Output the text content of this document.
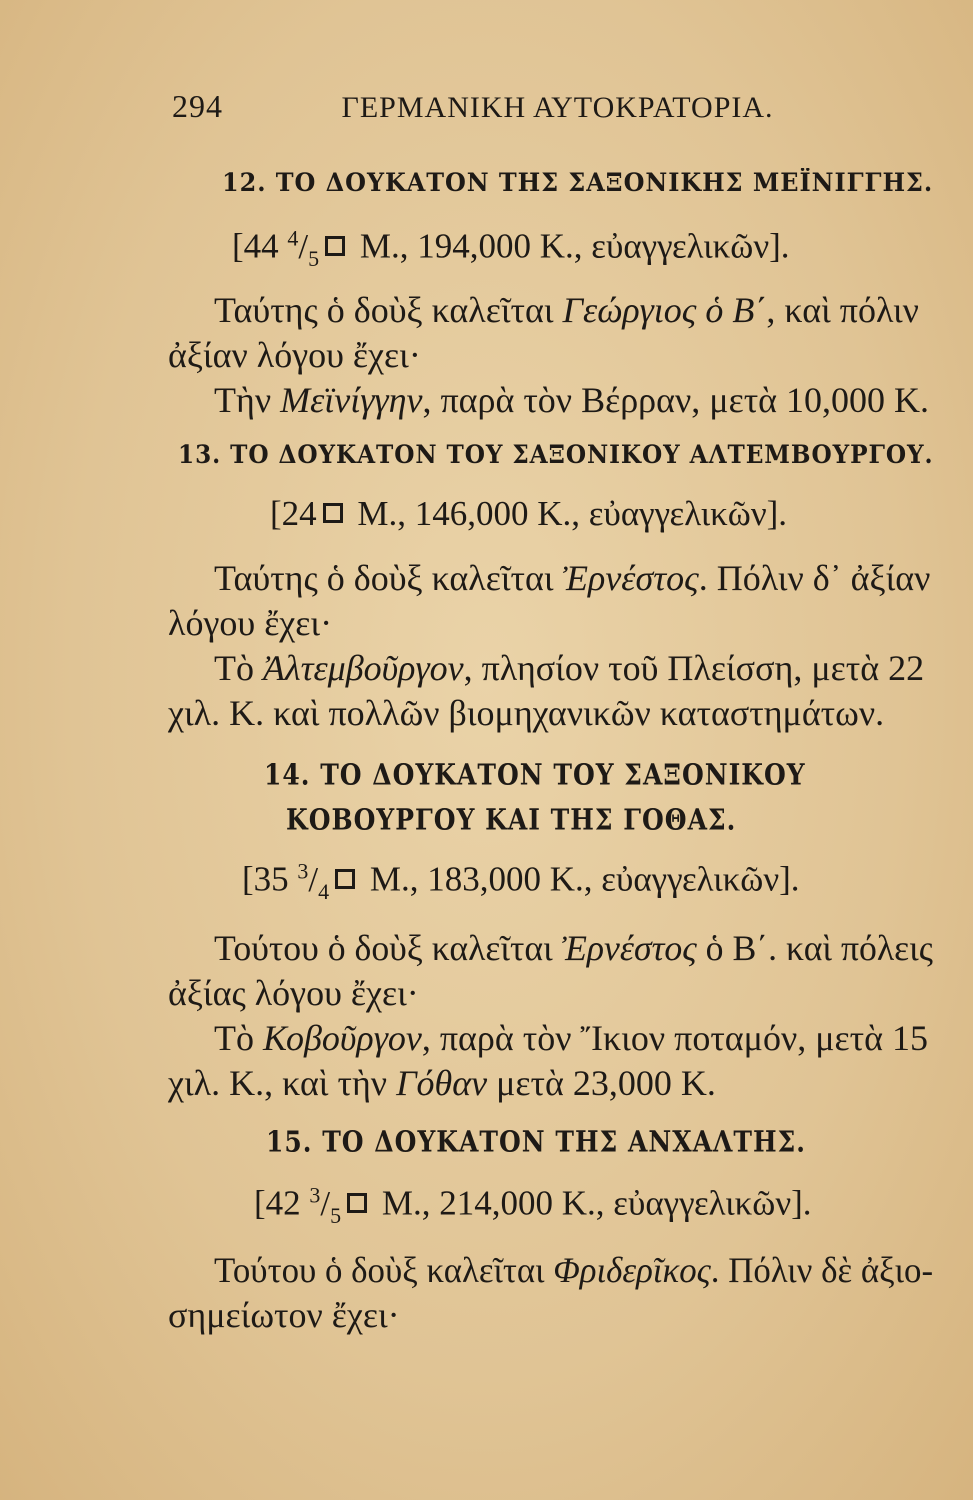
294	ΓΕΡΜΑΝΙΚΗ ΑΥΤΟΚΡΑΤΟΡΙΑ.
12. ΤΟ ΔΟΥΚΑΤΟΝ ΤΗΣ ΣΑΞΟΝΙΚΗΣ ΜΕΪΝΙΓΓΗΣ.
[44 $^4/_5$ Μ., 194,000 Κ., εὐαγγελικῶν].
Ταύτης ὁ δοὺξ καλεῖται Γεώργιος ὁ Β΄, καὶ πόλιν
ἀξίαν λόγου ἔχει·
Τὴν Μεϊνίγγην, παρὰ τὸν Βέρραν, μετὰ 10,000 Κ.
13. ΤΟ ΔΟΥΚΑΤΟΝ ΤΟΥ ΣΑΞΟΝΙΚΟΥ ΑΛΤΕΜΒΟΥΡΓΟΥ.
[24 Μ., 146,000 Κ., εὐαγγελικῶν].
Ταύτης ὁ δοὺξ καλεῖται Ἐρνέστος. Πόλιν δ᾽ ἀξίαν
λόγου ἔχει·
Τὸ Ἀλτεμβοῦργον, πλησίον τοῦ Πλείσση, μετὰ 22
χιλ. Κ. καὶ πολλῶν βιομηχανικῶν καταστημάτων.
14. ΤΟ ΔΟΥΚΑΤΟΝ ΤΟΥ ΣΑΞΟΝΙΚΟΥ
ΚΟΒΟΥΡΓΟΥ ΚΑΙ ΤΗΣ ΓΟΘΑΣ.
[35 $^3/_4$ Μ., 183,000 Κ., εὐαγγελικῶν].
Τούτου ὁ δοὺξ καλεῖται Ἐρνέστος ὁ Β΄. καὶ πόλεις
ἀξίας λόγου ἔχει·
Τὸ Κοβοῦργον, παρὰ τὸν Ἴκιον ποταμόν, μετὰ 15
χιλ. Κ., καὶ τὴν Γόθαν μετὰ 23,000 Κ.
15. ΤΟ ΔΟΥΚΑΤΟΝ ΤΗΣ ΑΝΧΑΛΤΗΣ.
[42 $^3/_5$ Μ., 214,000 Κ., εὐαγγελικῶν].
Τούτου ὁ δοὺξ καλεῖται Φριδερῖκος. Πόλιν δὲ ἀξιο-
σημείωτον ἔχει·
